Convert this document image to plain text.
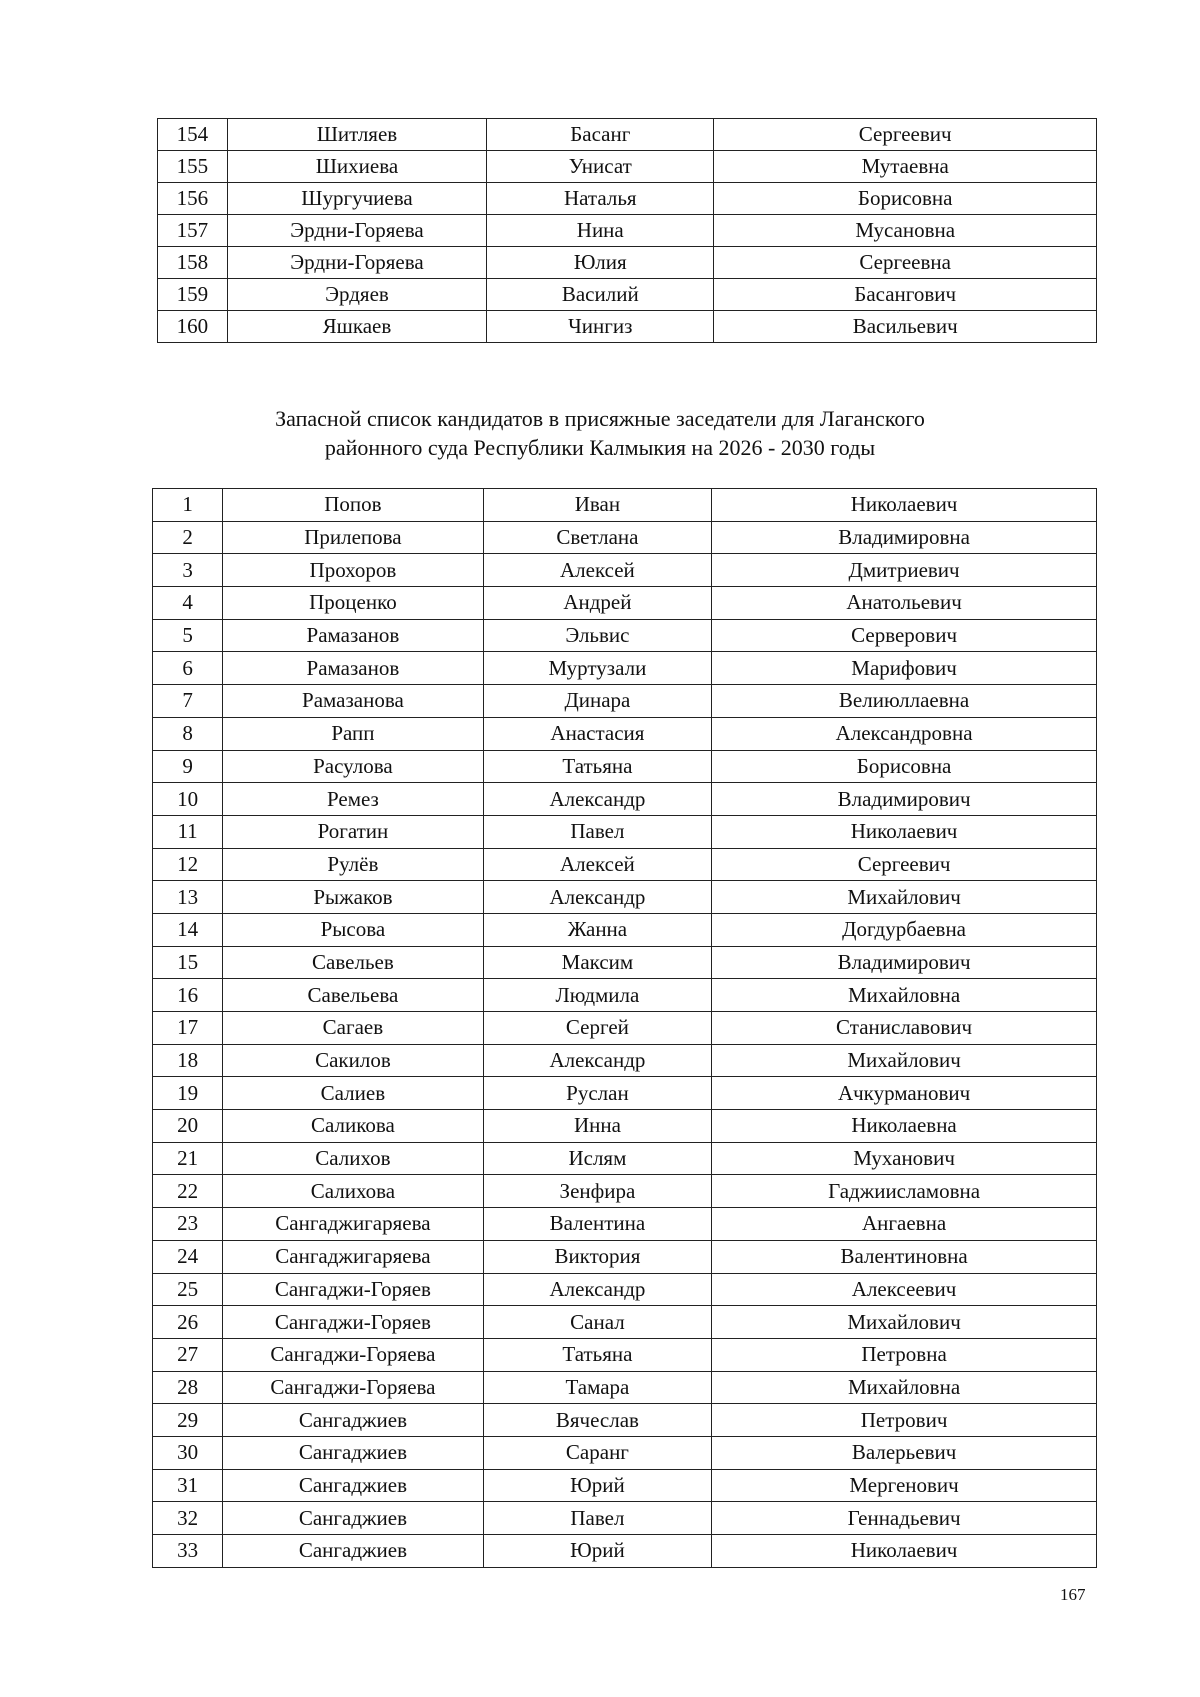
154	Шитляев	Басанг	Сергеевич
155	Шихиева	Унисат	Мутаевна
156	Шургучиева	Наталья	Борисовна
157	Эрдни-Горяева	Нина	Мусановна
158	Эрдни-Горяева	Юлия	Сергеевна
159	Эрдяев	Василий	Басангович
160	Яшкаев	Чингиз	Васильевич
Запасной список кандидатов в присяжные заседатели для Лаганского
районного суда Республики Калмыкия на 2026 - 2030 годы
1	Попов	Иван	Николаевич
2	Прилепова	Светлана	Владимировна
3	Прохоров	Алексей	Дмитриевич
4	Проценко	Андрей	Анатольевич
5	Рамазанов	Эльвис	Серверович
6	Рамазанов	Муртузали	Марифович
7	Рамазанова	Динара	Велиюллаевна
8	Рапп	Анастасия	Александровна
9	Расулова	Татьяна	Борисовна
10	Ремез	Александр	Владимирович
11	Рогатин	Павел	Николаевич
12	Рулёв	Алексей	Сергеевич
13	Рыжаков	Александр	Михайлович
14	Рысова	Жанна	Догдурбаевна
15	Савельев	Максим	Владимирович
16	Савельева	Людмила	Михайловна
17	Сагаев	Сергей	Станиславович
18	Сакилов	Александр	Михайлович
19	Салиев	Руслан	Ачкурманович
20	Саликова	Инна	Николаевна
21	Салихов	Ислям	Муханович
22	Салихова	Зенфира	Гаджиисламовна
23	Сангаджигаряева	Валентина	Ангаевна
24	Сангаджигаряева	Виктория	Валентиновна
25	Сангаджи-Горяев	Александр	Алексеевич
26	Сангаджи-Горяев	Санал	Михайлович
27	Сангаджи-Горяева	Татьяна	Петровна
28	Сангаджи-Горяева	Тамара	Михайловна
29	Сангаджиев	Вячеслав	Петрович
30	Сангаджиев	Саранг	Валерьевич
31	Сангаджиев	Юрий	Мергенович
32	Сангаджиев	Павел	Геннадьевич
33	Сангаджиев	Юрий	Николаевич
167
